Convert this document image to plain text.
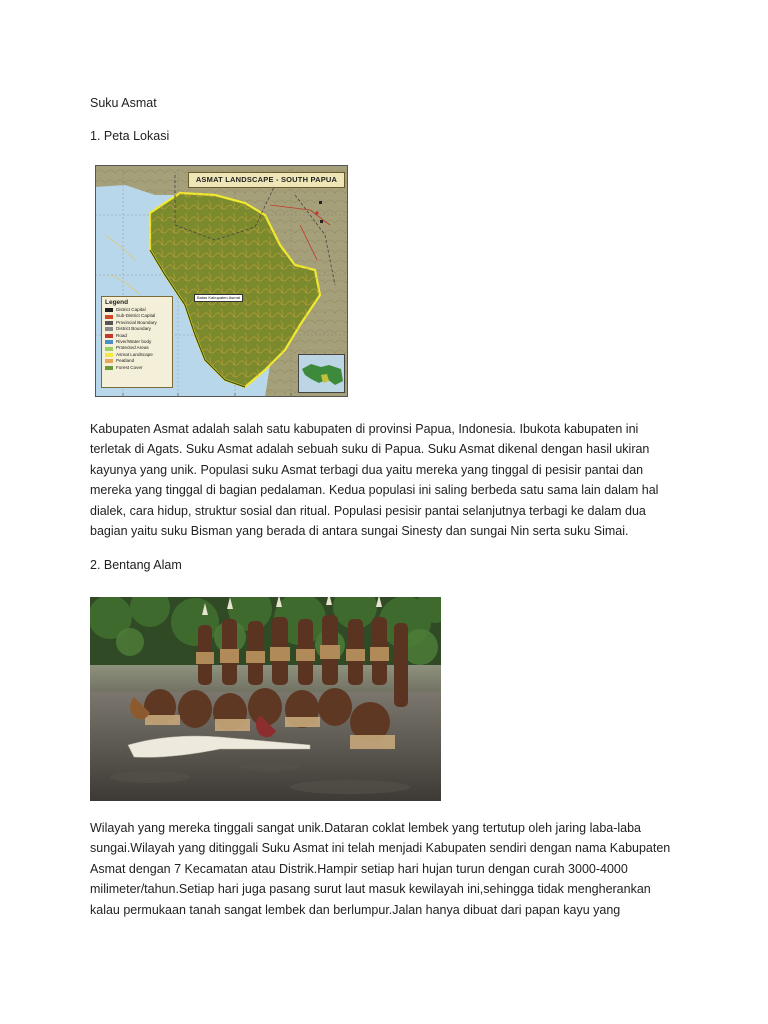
Suku Asmat
1. Peta Lokasi
ASMAT LANDSCAPE - SOUTH PAPUA
Batas Kabupaten Asmat
Legend
District Capital
Sub-District Capital
Provincial Boundary
District Boundary
Road
River/Water body
Protected Areas
Asmat Landscape
Peatland
Forest Cover
Kabupaten Asmat adalah salah satu kabupaten di provinsi Papua, Indonesia. Ibukota kabupaten ini
terletak di Agats. Suku Asmat adalah sebuah suku di Papua. Suku Asmat dikenal dengan hasil ukiran
kayunya yang unik. Populasi suku Asmat terbagi dua yaitu mereka yang tinggal di pesisir pantai dan
mereka yang tinggal di bagian pedalaman. Kedua populasi ini saling berbeda satu sama lain dalam hal
dialek, cara hidup, struktur sosial dan ritual. Populasi pesisir pantai selanjutnya terbagi ke dalam dua
bagian yaitu suku Bisman yang berada di antara sungai Sinesty dan sungai Nin serta suku Simai.
2. Bentang Alam
Wilayah yang mereka tinggali sangat unik.Dataran coklat lembek yang tertutup oleh jaring laba-laba
sungai.Wilayah yang ditinggali Suku Asmat ini telah menjadi Kabupaten sendiri dengan nama Kabupaten
Asmat dengan 7 Kecamatan atau Distrik.Hampir setiap hari hujan turun dengan curah 3000-4000
milimeter/tahun.Setiap hari juga pasang surut laut masuk kewilayah ini,sehingga tidak mengherankan
kalau permukaan tanah sangat lembek dan berlumpur.Jalan hanya dibuat dari papan kayu yang
